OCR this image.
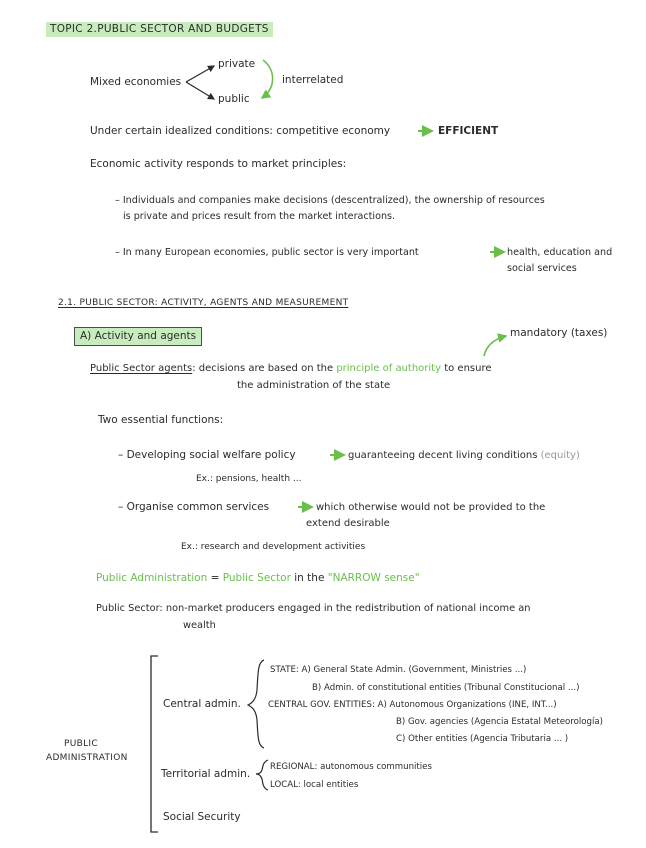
TOPIC 2.PUBLIC SECTOR AND BUDGETS
Mixed economies
private
public
interrelated
Under certain idealized conditions: competitive economy	EFFICIENT
Economic activity responds to market principles:
– Individuals and companies make decisions (descentralized), the ownership of resources
is private and prices result from the market interactions.
– In many European economies, public sector is very important	health, education and
social services
2.1. PUBLIC SECTOR: ACTIVITY, AGENTS AND MEASUREMENT
A) Activity and agents	mandatory (taxes)
Public Sector agents: decisions are based on the principle of authority to ensure
the administration of the state
Two essential functions:
– Developing social welfare policy	guaranteeing decent living conditions (equity)
Ex.: pensions, health ...
– Organise common services	which otherwise would not be provided to the
extend desirable
Ex.: research and development activities
Public Administration = Public Sector in the "NARROW sense"
Public Sector: non-market producers engaged in the redistribution of national income an
wealth
PUBLIC
ADMINISTRATION
Central admin.
STATE: A) General State Admin. (Government, Ministries ...)
B) Admin. of constitutional entities (Tribunal Constitucional ...)
CENTRAL GOV. ENTITIES: A) Autonomous Organizations (INE, INT...)
B) Gov. agencies (Agencia Estatal Meteorología)
C) Other entities (Agencia Tributaria ... )
Territorial admin.
REGIONAL: autonomous communities
LOCAL: local entities
Social Security
